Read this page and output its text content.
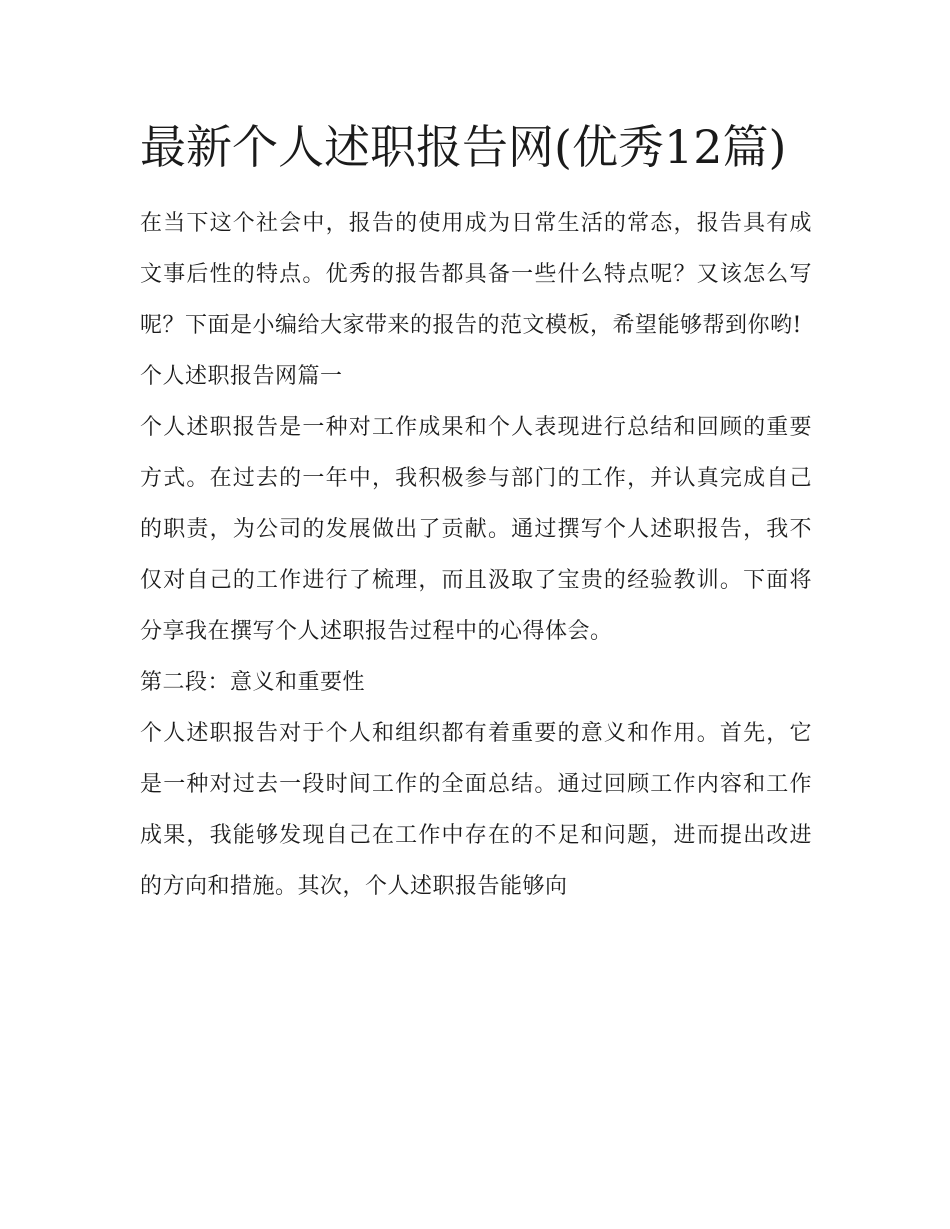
最新个人述职报告网(优秀12篇)

在当下这个社会中，报告的使用成为日常生活的常态，报告具有成文事后性的特点。优秀的报告都具备一些什么特点呢？又该怎么写呢？下面是小编给大家带来的报告的范文模板，希望能够帮到你哟!

个人述职报告网篇一

个人述职报告是一种对工作成果和个人表现进行总结和回顾的重要方式。在过去的一年中，我积极参与部门的工作，并认真完成自己的职责，为公司的发展做出了贡献。通过撰写个人述职报告，我不仅对自己的工作进行了梳理，而且汲取了宝贵的经验教训。下面将分享我在撰写个人述职报告过程中的心得体会。

第二段：意义和重要性

个人述职报告对于个人和组织都有着重要的意义和作用。首先，它是一种对过去一段时间工作的全面总结。通过回顾工作内容和工作成果，我能够发现自己在工作中存在的不足和问题，进而提出改进的方向和措施。其次，个人述职报告能够向
